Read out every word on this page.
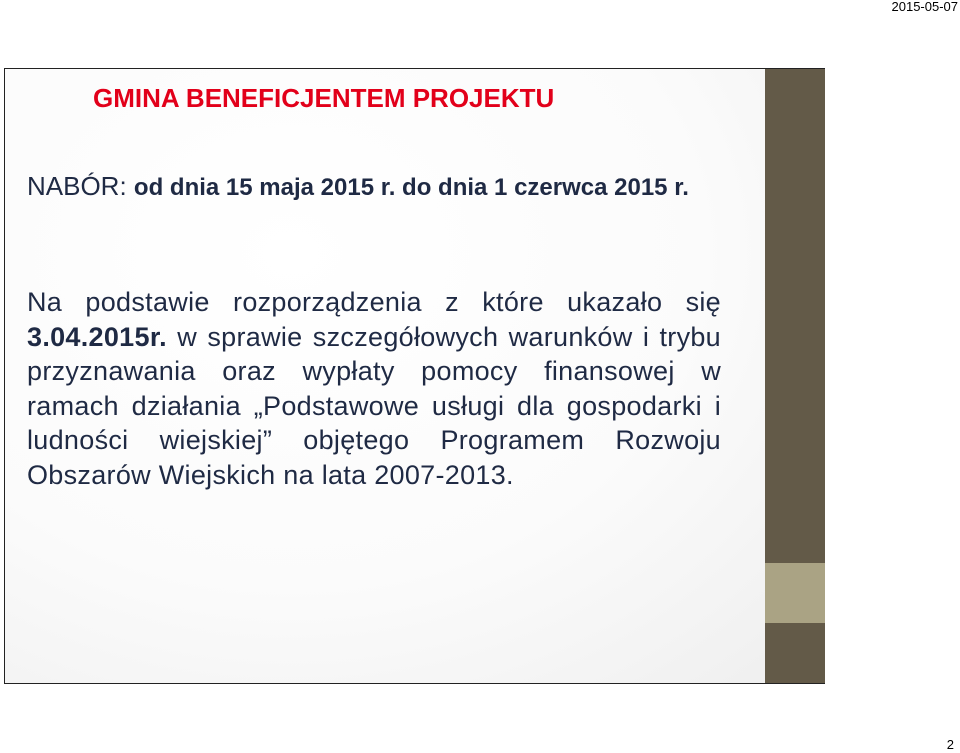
2015-05-07
GMINA BENEFICJENTEM PROJEKTU

NABÓR: od dnia 15 maja 2015 r. do dnia 1 czerwca 2015 r.

Na podstawie rozporządzenia z które ukazało się 3.04.2015r. w sprawie szczegółowych warunków i trybu przyznawania oraz wypłaty pomocy finansowej w ramach działania „Podstawowe usługi dla gospodarki i ludności wiejskiej” objętego Programem Rozwoju Obszarów Wiejskich na lata 2007-2013.

2
